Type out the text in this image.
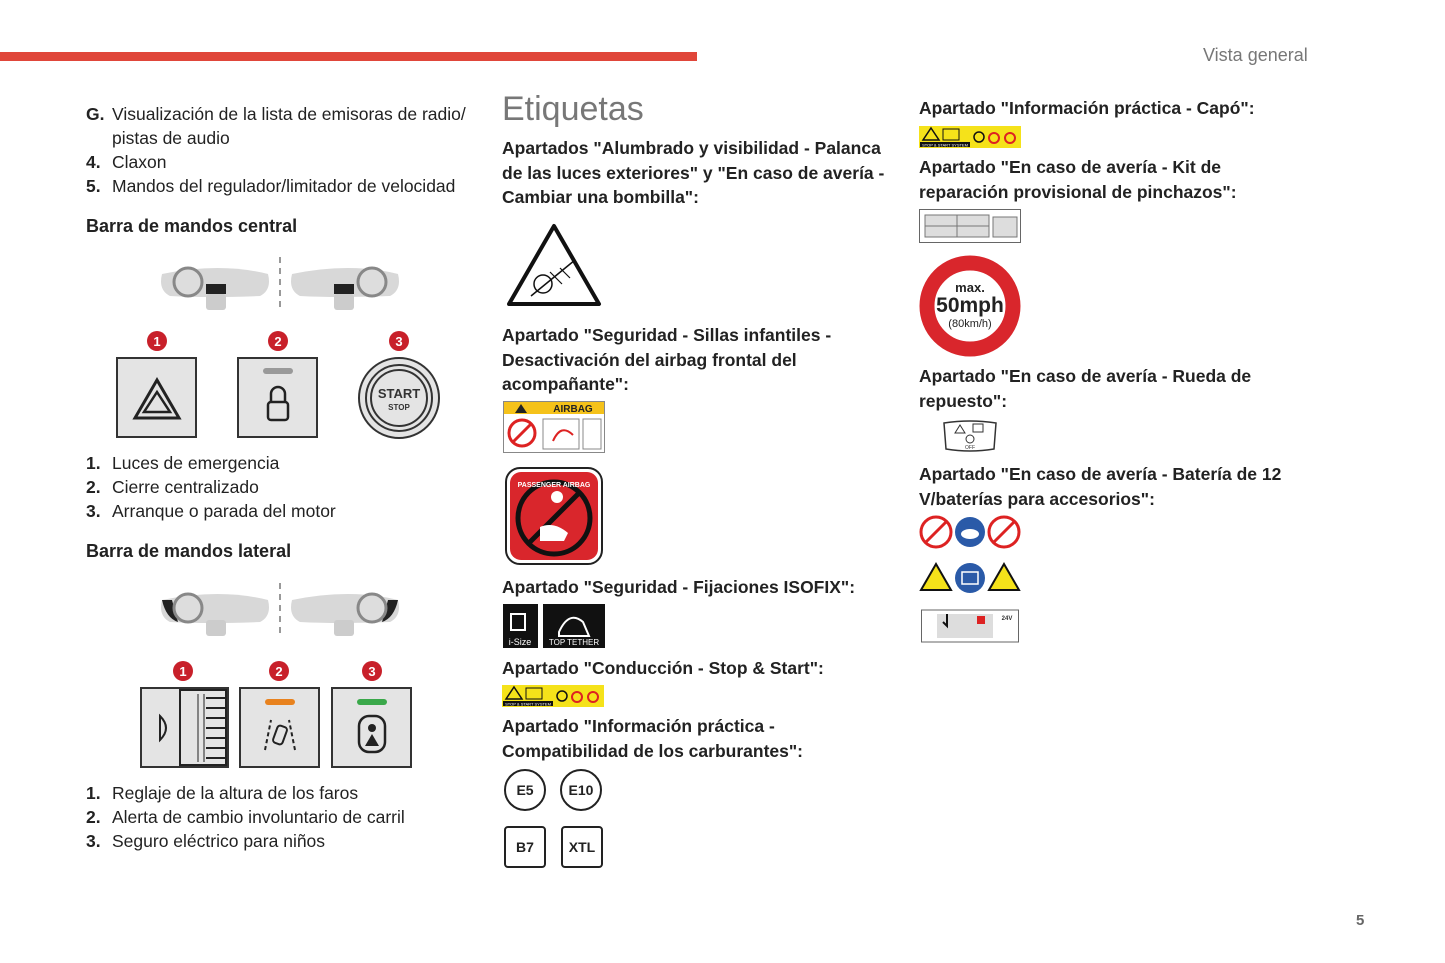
Vista general
5
G. Visualización de la lista de emisoras de radio/ pistas de audio
4. Claxon
5. Mandos del regulador/limitador de velocidad
Barra de mandos central
1	2	3
START
STOP
1. Luces de emergencia
2. Cierre centralizado
3. Arranque o parada del motor
Barra de mandos lateral
1	2	3
1. Reglaje de la altura de los faros
2. Alerta de cambio involuntario de carril
3. Seguro eléctrico para niños
Etiquetas
Apartados "Alumbrado y visibilidad - Palanca de las luces exteriores" y "En caso de avería - Cambiar una bombilla":
Apartado "Seguridad - Sillas infantiles - Desactivación del airbag frontal del acompañante":
AIRBAG
PASSENGER AIRBAG
Apartado "Seguridad - Fijaciones ISOFIX":
i-Size TOP TETHER
Apartado "Conducción - Stop & Start":
STOP & START SYSTEM
Apartado "Información práctica - Compatibilidad de los carburantes":
E5 E10
B7 XTL
Apartado "Información práctica - Capó":
STOP & START SYSTEM
Apartado "En caso de avería - Kit de reparación provisional de pinchazos":
max.
50mph
(80km/h)
Apartado "En caso de avería - Rueda de repuesto":
OFF
Apartado "En caso de avería - Batería de 12 V/baterías para accesorios":
24V
